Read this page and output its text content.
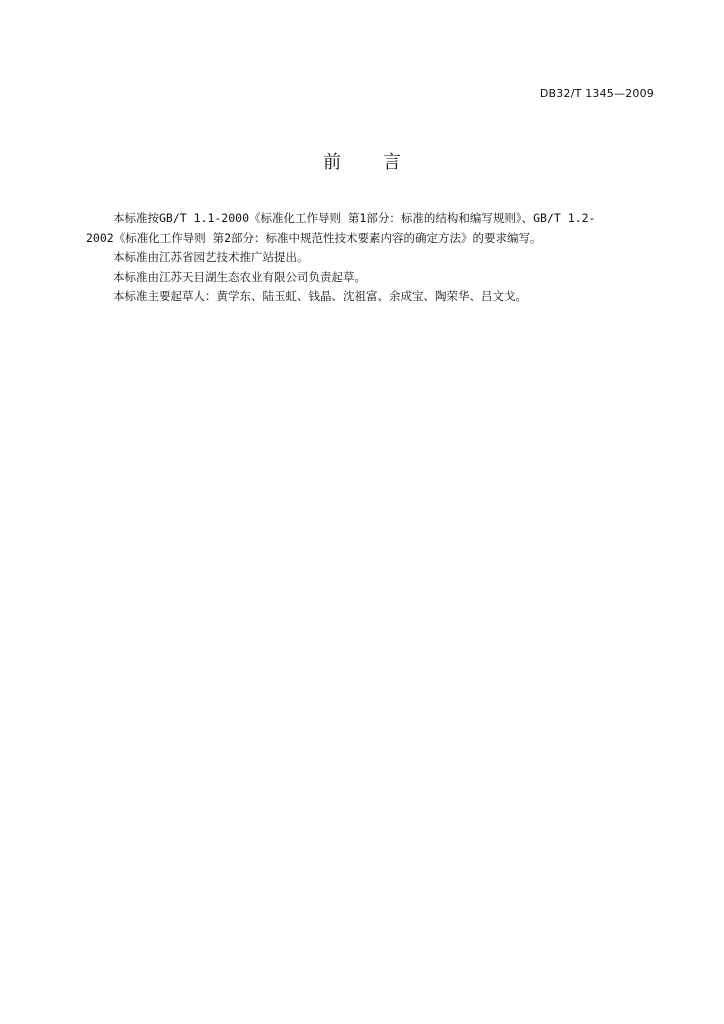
DB32/T 1345—2009
前 言

本标准按GB/T 1.1-2000《标准化工作导则 第1部分：标准的结构和编写规则》、GB/T 1.2-
2002《标准化工作导则 第2部分：标准中规范性技术要素内容的确定方法》的要求编写。

本标准由江苏省园艺技术推广站提出。

本标准由江苏天目湖生态农业有限公司负责起草。

本标准主要起草人：黄学东、陆玉虹、钱晶、沈祖富、余成宝、陶荣华、吕文戈。
